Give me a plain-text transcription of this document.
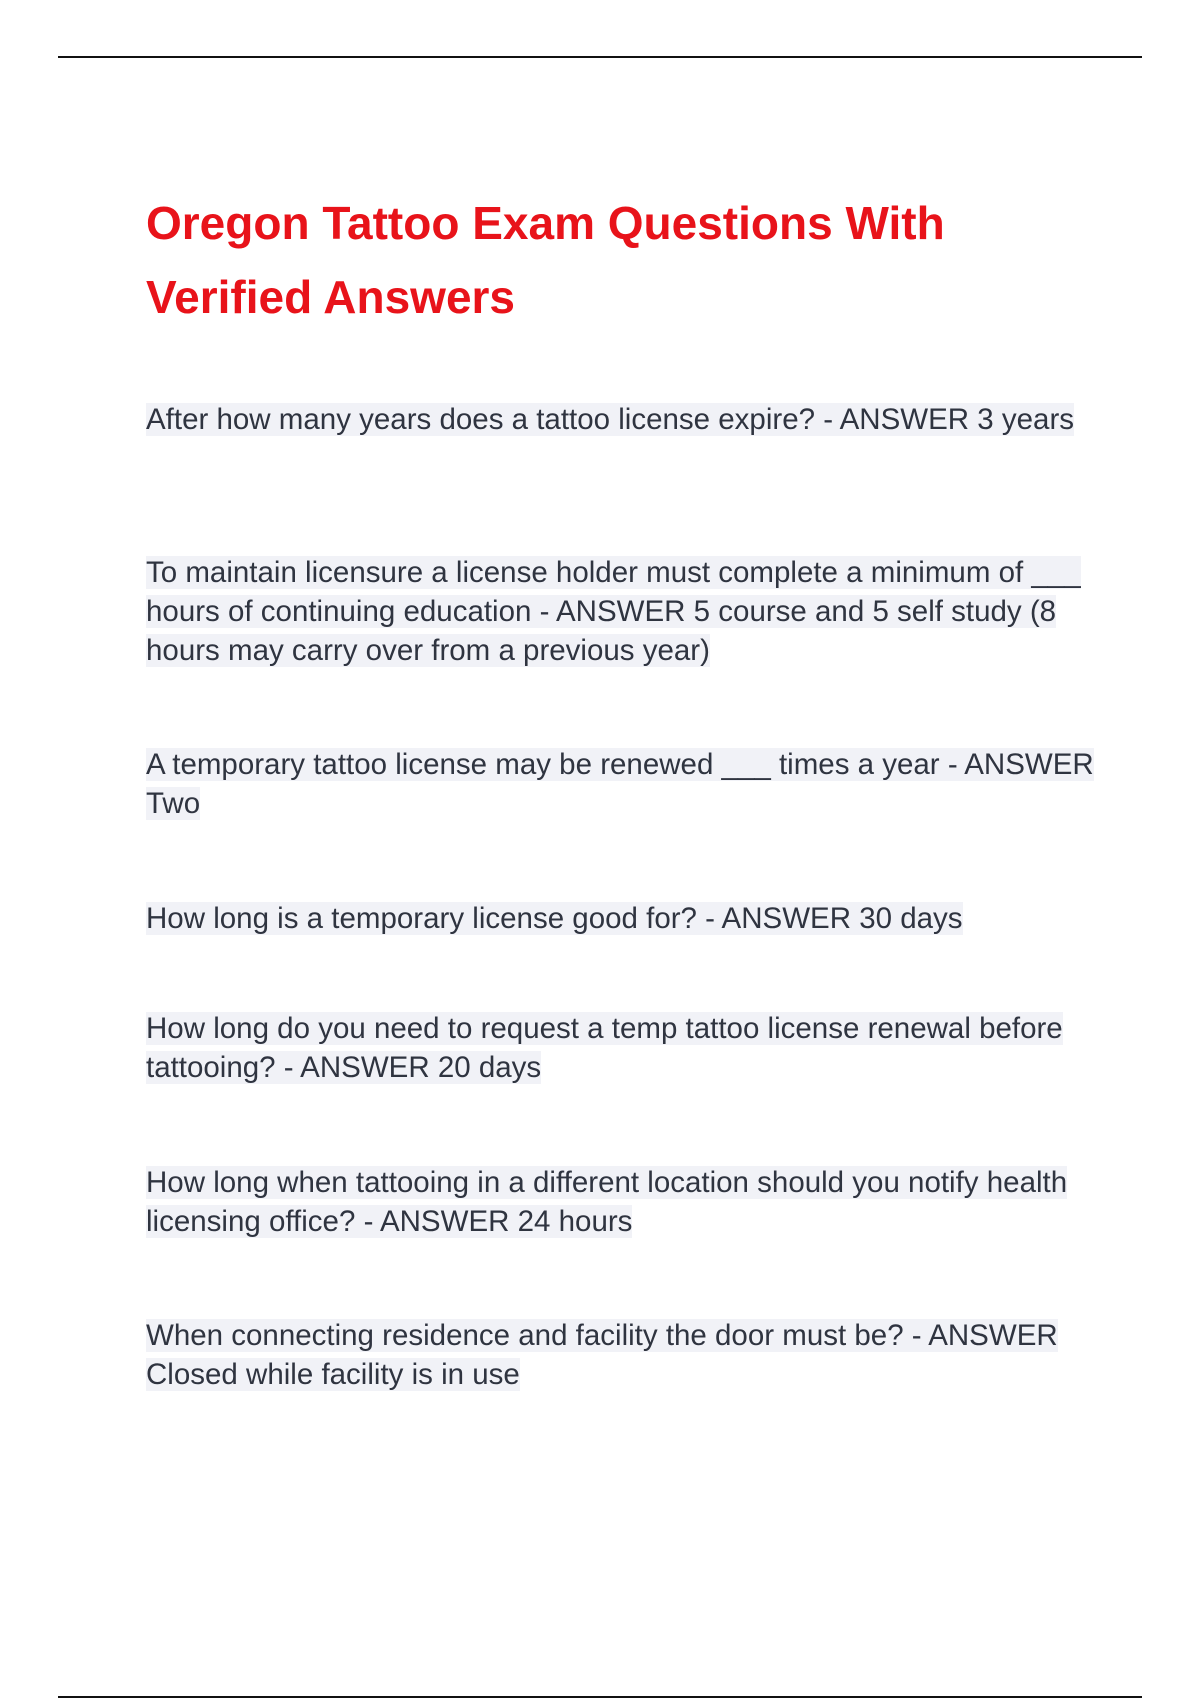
Oregon Tattoo Exam Questions With Verified Answers

After how many years does a tattoo license expire? - ANSWER 3 years

To maintain licensure a license holder must complete a minimum of ___ hours of continuing education - ANSWER 5 course and 5 self study (8 hours may carry over from a previous year)

A temporary tattoo license may be renewed ___ times a year - ANSWER Two

How long is a temporary license good for? - ANSWER 30 days

How long do you need to request a temp tattoo license renewal before tattooing? - ANSWER 20 days

How long when tattooing in a different location should you notify health licensing office? - ANSWER 24 hours

When connecting residence and facility the door must be? - ANSWER Closed while facility is in use
